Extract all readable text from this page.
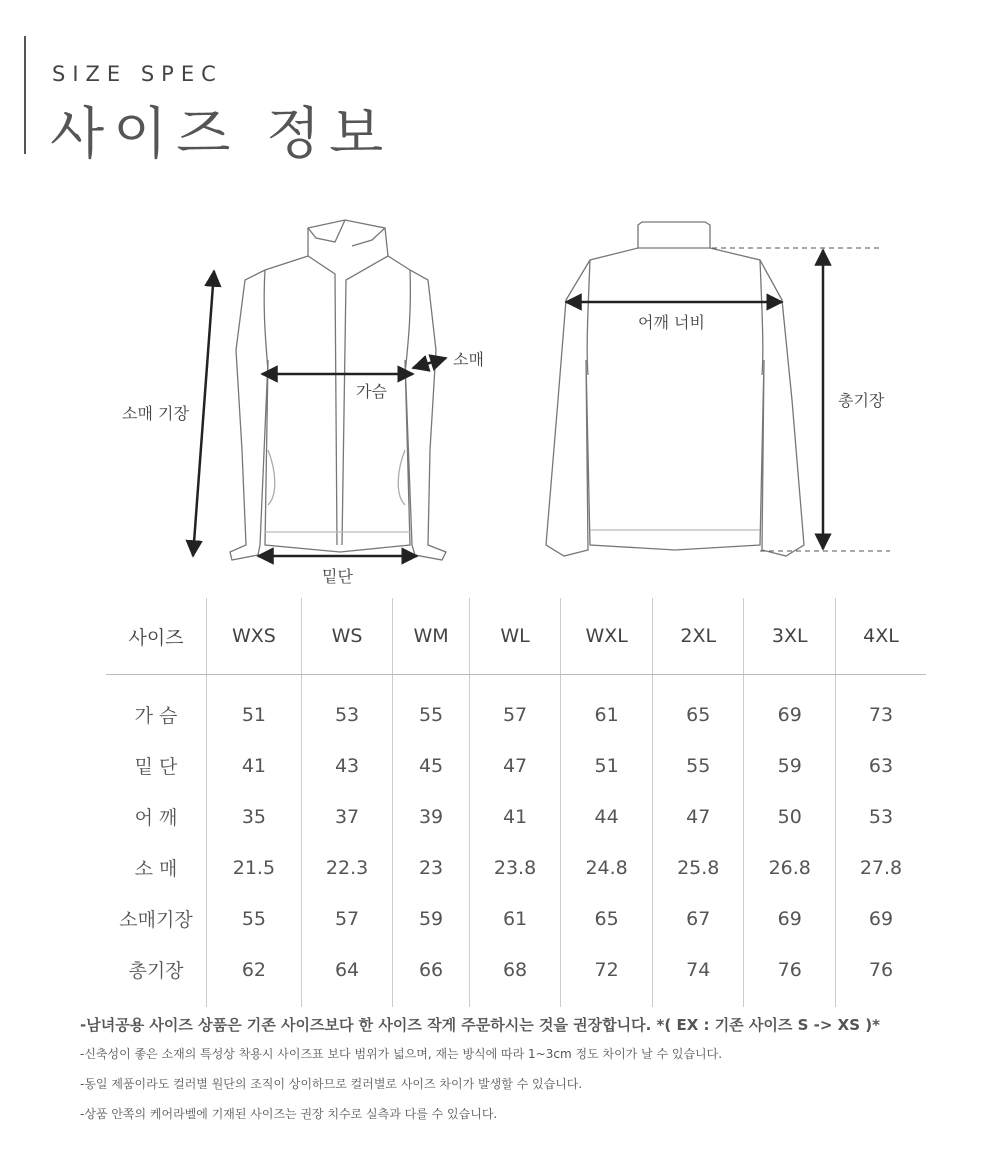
SIZE SPEC
사이즈 정보
소매 기장
가슴
소매
밑단
어깨 너비
총기장
사이즈	WXS	WS	WM	WL	WXL	2XL	3XL	4XL
가 슴	51	53	55	57	61	65	69	73
밑 단	41	43	45	47	51	55	59	63
어 깨	35	37	39	41	44	47	50	53
소 매	21.5	22.3	23	23.8	24.8	25.8	26.8	27.8
소매기장	55	57	59	61	65	67	69	69
총기장	62	64	66	68	72	74	76	76

-남녀공용 사이즈 상품은 기존 사이즈보다 한 사이즈 작게 주문하시는 것을 권장합니다. *( EX : 기존 사이즈 S -> XS )*

-신축성이 좋은 소재의 특성상 착용시 사이즈표 보다 범위가 넓으며, 재는 방식에 따라 1~3cm 정도 차이가 날 수 있습니다.

-동일 제품이라도 컬러별 원단의 조직이 상이하므로 컬러별로 사이즈 차이가 발생할 수 있습니다.

-상품 안쪽의 케어라벨에 기재된 사이즈는 권장 치수로 실측과 다를 수 있습니다.
